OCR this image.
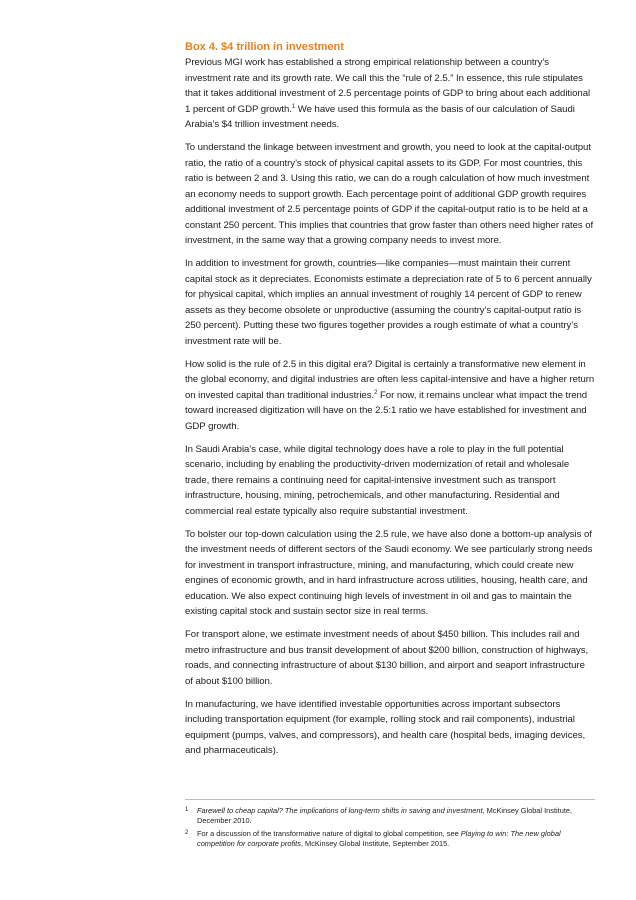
Box 4. $4 trillion in investment

Previous MGI work has established a strong empirical relationship between a country’s investment rate and its growth rate. We call this the “rule of 2.5.” In essence, this rule stipulates that it takes additional investment of 2.5 percentage points of GDP to bring about each additional 1 percent of GDP growth.$^1$ We have used this formula as the basis of our calculation of Saudi Arabia’s $4 trillion investment needs.

To understand the linkage between investment and growth, you need to look at the capital-output ratio, the ratio of a country’s stock of physical capital assets to its GDP. For most countries, this ratio is between 2 and 3. Using this ratio, we can do a rough calculation of how much investment an economy needs to support growth. Each percentage point of additional GDP growth requires additional investment of 2.5 percentage points of GDP if the capital-output ratio is to be held at a constant 250 percent. This implies that countries that grow faster than others need higher rates of investment, in the same way that a growing company needs to invest more.

In addition to investment for growth, countries—like companies—must maintain their current capital stock as it depreciates. Economists estimate a depreciation rate of 5 to 6 percent annually for physical capital, which implies an annual investment of roughly 14 percent of GDP to renew assets as they become obsolete or unproductive (assuming the country’s capital-output ratio is 250 percent). Putting these two figures together provides a rough estimate of what a country’s investment rate will be.

How solid is the rule of 2.5 in this digital era? Digital is certainly a transformative new element in the global economy, and digital industries are often less capital-intensive and have a higher return on invested capital than traditional industries.$^2$ For now, it remains unclear what impact the trend toward increased digitization will have on the 2.5:1 ratio we have established for investment and GDP growth.

In Saudi Arabia’s case, while digital technology does have a role to play in the full potential scenario, including by enabling the productivity-driven modernization of retail and wholesale trade, there remains a continuing need for capital-intensive investment such as transport infrastructure, housing, mining, petrochemicals, and other manufacturing. Residential and commercial real estate typically also require substantial investment.

To bolster our top-down calculation using the 2.5 rule, we have also done a bottom-up analysis of the investment needs of different sectors of the Saudi economy. We see particularly strong needs for investment in transport infrastructure, mining, and manufacturing, which could create new engines of economic growth, and in hard infrastructure across utilities, housing, health care, and education. We also expect continuing high levels of investment in oil and gas to maintain the existing capital stock and sustain sector size in real terms.

For transport alone, we estimate investment needs of about $450 billion. This includes rail and metro infrastructure and bus transit development of about $200 billion, construction of highways, roads, and connecting infrastructure of about $130 billion, and airport and seaport infrastructure of about $100 billion.

In manufacturing, we have identified investable opportunities across important subsectors including transportation equipment (for example, rolling stock and rail components), industrial equipment (pumps, valves, and compressors), and health care (hospital beds, imaging devices, and pharmaceuticals).

1 Farewell to cheap capital? The implications of long-term shifts in saving and investment, McKinsey Global Institute, December 2010.
2 For a discussion of the transformative nature of digital to global competition, see Playing to win: The new global competition for corporate profits, McKinsey Global Institute, September 2015.
